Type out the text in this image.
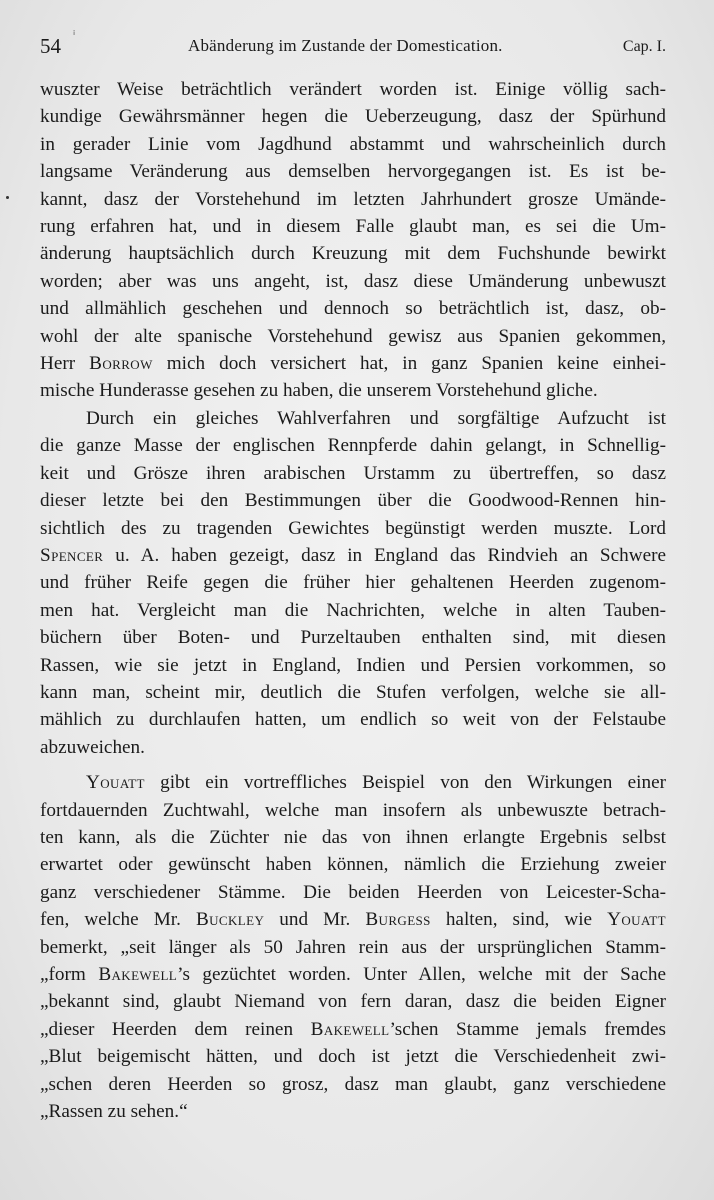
54 ⁱ
Abänderung im Zustande der Domestication.	Cap. I.
wuszter Weise beträchtlich verändert worden ist. Einige völlig sach-
kundige Gewährsmänner hegen die Ueberzeugung, dasz der Spürhund
in gerader Linie vom Jagdhund abstammt und wahrscheinlich durch
langsame Veränderung aus demselben hervorgegangen ist. Es ist be-
kannt, dasz der Vorstehehund im letzten Jahrhundert grosze Umände-
rung erfahren hat, und in diesem Falle glaubt man, es sei die Um-
änderung hauptsächlich durch Kreuzung mit dem Fuchshunde bewirkt
worden; aber was uns angeht, ist, dasz diese Umänderung unbewuszt
und allmählich geschehen und dennoch so beträchtlich ist, dasz, ob-
wohl der alte spanische Vorstehehund gewisz aus Spanien gekommen,
Herr Borrow mich doch versichert hat, in ganz Spanien keine einhei-
mische Hunderasse gesehen zu haben, die unserem Vorstehehund gliche.
Durch ein gleiches Wahlverfahren und sorgfältige Aufzucht ist
die ganze Masse der englischen Rennpferde dahin gelangt, in Schnellig-
keit und Grösze ihren arabischen Urstamm zu übertreffen, so dasz
dieser letzte bei den Bestimmungen über die Goodwood-Rennen hin-
sichtlich des zu tragenden Gewichtes begünstigt werden muszte. Lord
Spencer u. A. haben gezeigt, dasz in England das Rindvieh an Schwere
und früher Reife gegen die früher hier gehaltenen Heerden zugenom-
men hat. Vergleicht man die Nachrichten, welche in alten Tauben-
büchern über Boten- und Purzeltauben enthalten sind, mit diesen
Rassen, wie sie jetzt in England, Indien und Persien vorkommen, so
kann man, scheint mir, deutlich die Stufen verfolgen, welche sie all-
mählich zu durchlaufen hatten, um endlich so weit von der Felstaube
abzuweichen.
Youatt gibt ein vortreffliches Beispiel von den Wirkungen einer
fortdauernden Zuchtwahl, welche man insofern als unbewuszte betrach-
ten kann, als die Züchter nie das von ihnen erlangte Ergebnis selbst
erwartet oder gewünscht haben können, nämlich die Erziehung zweier
ganz verschiedener Stämme. Die beiden Heerden von Leicester-Scha-
fen, welche Mr. Buckley und Mr. Burgess halten, sind, wie Youatt
bemerkt, „seit länger als 50 Jahren rein aus der ursprünglichen Stamm-
„form Bakewell’s gezüchtet worden. Unter Allen, welche mit der Sache
„bekannt sind, glaubt Niemand von fern daran, dasz die beiden Eigner
„dieser Heerden dem reinen Bakewell’schen Stamme jemals fremdes
„Blut beigemischt hätten, und doch ist jetzt die Verschiedenheit zwi-
„schen deren Heerden so grosz, dasz man glaubt, ganz verschiedene
„Rassen zu sehen.“
